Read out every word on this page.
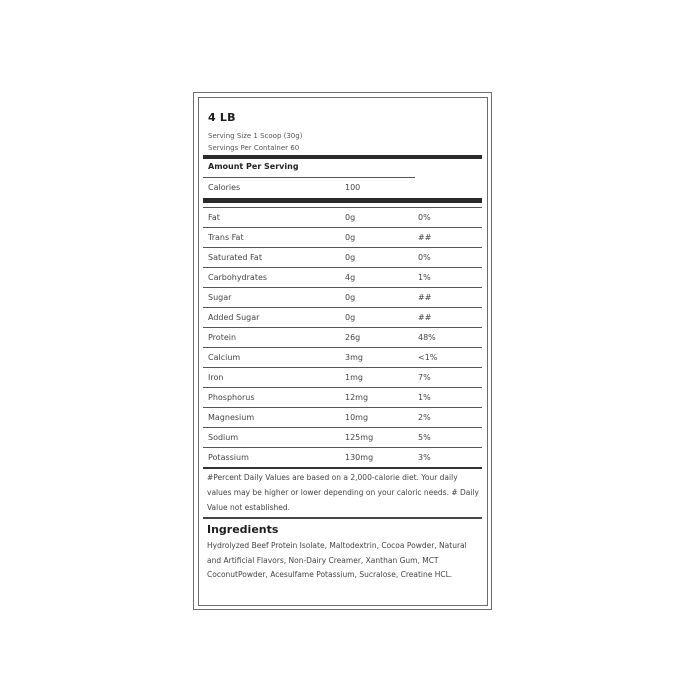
4 LB
Serving Size 1 Scoop (30g)
Servings Per Container 60
Amount Per Serving
Calories	100
Fat	0g	0%
Trans Fat	0g	##
Saturated Fat	0g	0%
Carbohydrates	4g	1%
Sugar	0g	##
Added Sugar	0g	##
Protein	26g	48%
Calcium	3mg	<1%
Iron	1mg	7%
Phosphorus	12mg	1%
Magnesium	10mg	2%
Sodium	125mg	5%
Potassium	130mg	3%
#Percent Daily Values are based on a 2,000-calorie diet. Your daily values may be higher or lower depending on your caloric needs. # Daily Value not established.
Ingredients
Hydrolyzed Beef Protein Isolate, Maltodextrin, Cocoa Powder, Natural and Artificial Flavors, Non-Dairy Creamer, Xanthan Gum, MCT CoconutPowder, Acesulfame Potassium, Sucralose, Creatine HCL.
